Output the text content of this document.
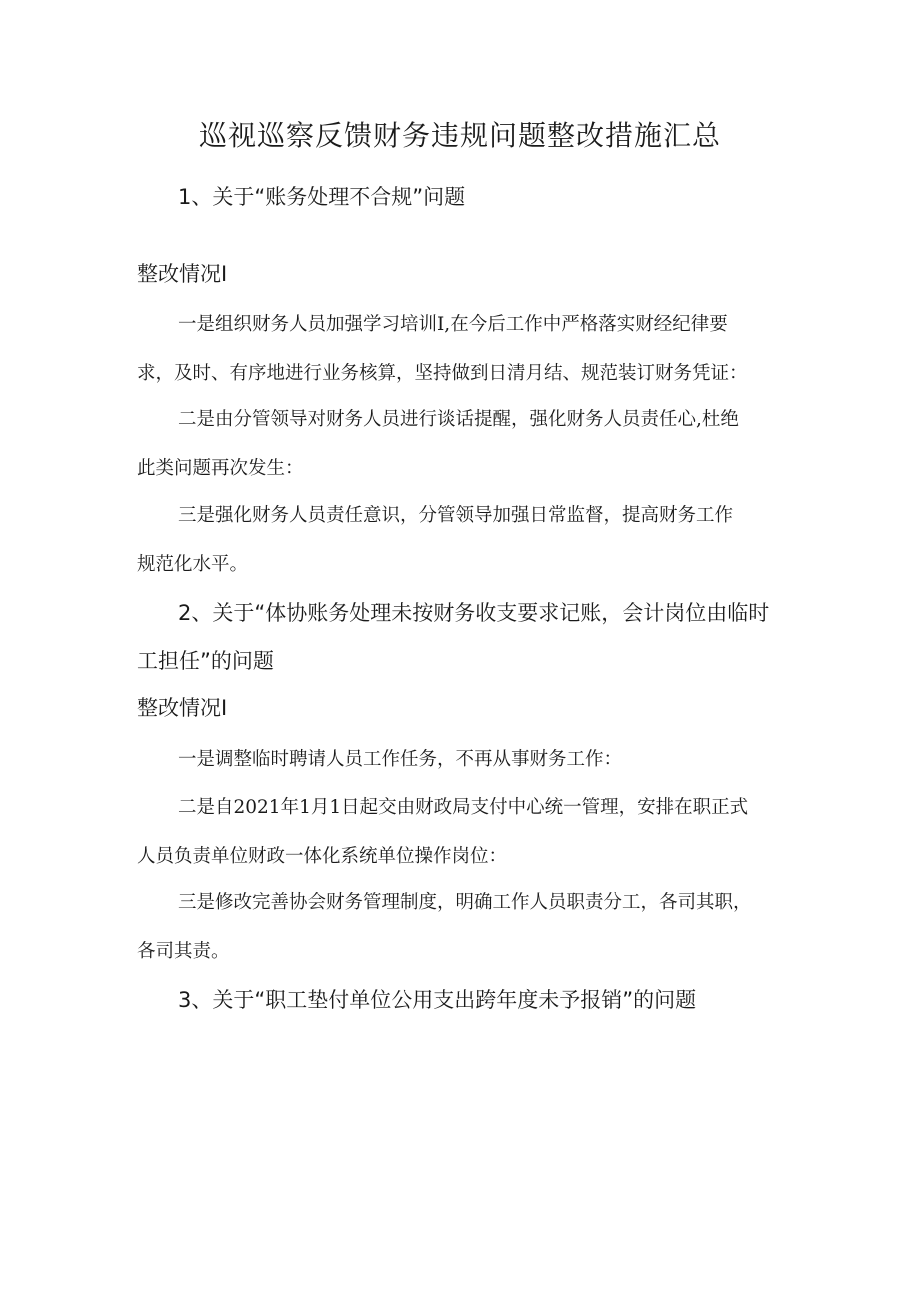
巡视巡察反馈财务违规问题整改措施汇总
1、关于“账务处理不合规”问题
整改情况I
一是组织财务人员加强学习培训I,在今后工作中严格落实财经纪律要
求，及时、有序地进行业务核算，坚持做到日清月结、规范装订财务凭证：
二是由分管领导对财务人员进行谈话提醒，强化财务人员责任心,杜绝
此类问题再次发生：
三是强化财务人员责任意识，分管领导加强日常监督，提高财务工作
规范化水平。
2、关于“体协账务处理未按财务收支要求记账，会计岗位由临时
工担任”的问题
整改情况I
一是调整临时聘请人员工作任务，不再从事财务工作：
二是自2021年1月1日起交由财政局支付中心统一管理，安排在职正式
人员负责单位财政一体化系统单位操作岗位：
三是修改完善协会财务管理制度，明确工作人员职责分工，各司其职，
各司其责。
3、关于“职工垫付单位公用支出跨年度未予报销”的问题
